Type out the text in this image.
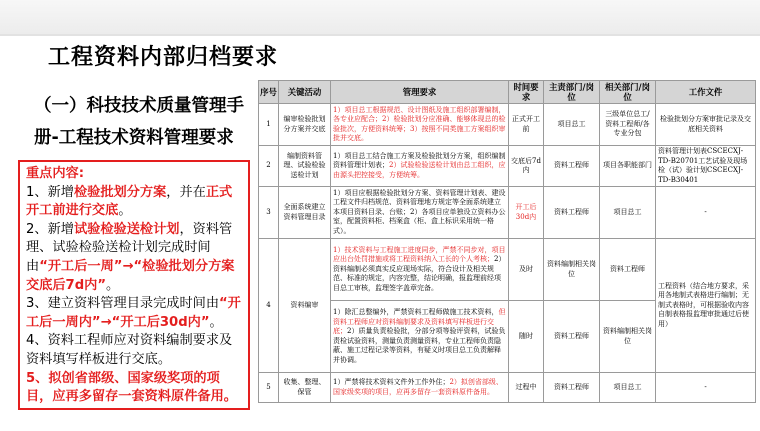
工程资料内部归档要求
（一）科技技术质量管理手
册-工程技术资料管理要求
重点内容:
1、新增检验批划分方案，并在正式开工前进行交底。
2、新增试验检验送检计划，资料管理、试验检验送检计划完成时间由“开工后一周”→“检验批划分方案交底后7d内”。
3、建立资料管理目录完成时间由“开工后一周内”→“开工后30d内”。
4、资料工程师应对资料编制要求及资料填写样板进行交底。
5、拟创省部级、国家级奖项的项目，应再多留存一套资料原件备用。
序号	关键活动	管理要求	时间要求	主责部门/岗位	相关部门/岗位	工作文件
1	编审检验批划分方案并交底	1）项目总工根据规范、设计图纸及施工组织部署编制，各专业应配合；2）检验批划分应准确、能够体现总的检验批次，方便资料统筹；3）按照不同类施工方案组织审批并交底。	正式开工前	项目总工	三级单位总工/资料工程师/各专业分包	检验批划分方案审批记录及交底相关资料
2	编制资料管理、试验检验送检计划	1）项目总工结合施工方案及检验批划分方案，组织编制资料管理计划表；2）试验检验送检计划由总工组织，应由源头把控接受，方便统筹。	交底后7d内	资料工程师	项目各职能部门	资料管理计划表CSCECXJ-TD-B20701工艺试验及现场检（试）验计划CSCECXJ-TD-B30401
3	全面系统建立资料管理目录	1）项目应根据检验批划分方案、资料管理计划表、建设工程文件归档规范、资料管理地方规定等全面系统建立本项目资料目录、台账；2）各项目应单独设立资料办公室，配置资料柜、档案盒（柜、盒上标识采用统一格式）。	开工后30d内	资料工程师	项目总工	-
4	资料编审	1）技术资料与工程施工进度同步，严禁不同步对，项目应出台处罚措施或将工程资料纳入工长的个人考核；2）资料编制必须真实反应现场实际，符合设计及相关规范、标准的规定，内容完整，结论明确，报监理前经项目总工审核，监理签字盖章完备。	及时	资料编制相关岗位	资料工程师	工程资料（结合地方要求，采用各地制式表格进行编制；无制式表格时，可根据验收内容自制表格报监理审批通过后使用）
		1）除汇总整编外，严禁资料工程师做施工技术资料，但资料工程师应对资料编制要求及资料填写样板进行交底；2）质量负责检验批，分部分项等验评资料，试验负责检试验资料，测量负责测量资料，专业工程师负责隐蔽、施工过程记录等资料，有疑义时项目总工负责解释并协调。	随时	资料工程师	资料编制相关岗位	
5	收集、整理、保管	1）严禁将技术资料文件外工作外住；2）拟创省部级、国家级奖项的项目，应再多留存一套资料原件备用。	过程中	资料工程师	项目总工	-
